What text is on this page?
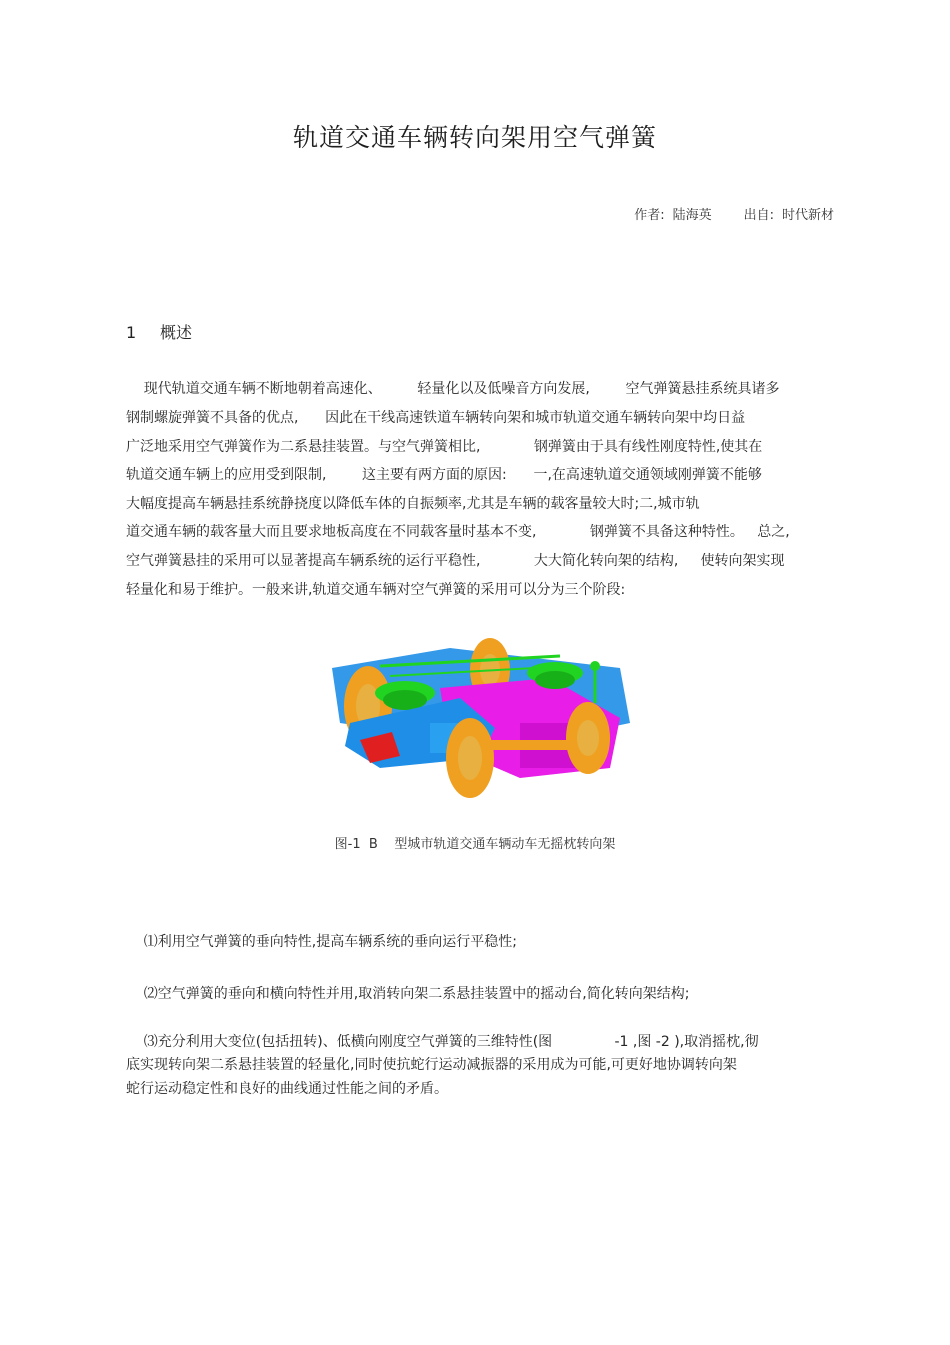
轨道交通车辆转向架用空气弹簧
作者: 陆海英 出自: 时代新材
1 概述
现代轨道交通车辆不断地朝着高速化、        轻量化以及低噪音方向发展,        空气弹簧悬挂系统具诸多
钢制螺旋弹簧不具备的优点,      因此在干线高速铁道车辆转向架和城市轨道交通车辆转向架中均日益
广泛地采用空气弹簧作为二系悬挂装置。与空气弹簧相比,            钢弹簧由于具有线性刚度特性,使其在
轨道交通车辆上的应用受到限制,        这主要有两方面的原因:      一,在高速轨道交通领域刚弹簧不能够
大幅度提高车辆悬挂系统静挠度以降低车体的自振频率,尤其是车辆的载客量较大时;二,城市轨
道交通车辆的载客量大而且要求地板高度在不同载客量时基本不变,            钢弹簧不具备这种特性。   总之,
空气弹簧悬挂的采用可以显著提高车辆系统的运行平稳性,            大大简化转向架的结构,     使转向架实现
轻量化和易于维护。一般来讲,轨道交通车辆对空气弹簧的采用可以分为三个阶段:
图-1  B    型城市轨道交通车辆动车无摇枕转向架
⑴利用空气弹簧的垂向特性,提高车辆系统的垂向运行平稳性;
⑵空气弹簧的垂向和横向特性并用,取消转向架二系悬挂装置中的摇动台,简化转向架结构;
⑶充分利用大变位(包括扭转)、低横向刚度空气弹簧的三维特性(图              -1 ,图 -2 ),取消摇枕,彻
底实现转向架二系悬挂装置的轻量化,同时使抗蛇行运动减振器的采用成为可能,可更好地协调转向架
蛇行运动稳定性和良好的曲线通过性能之间的矛盾。
